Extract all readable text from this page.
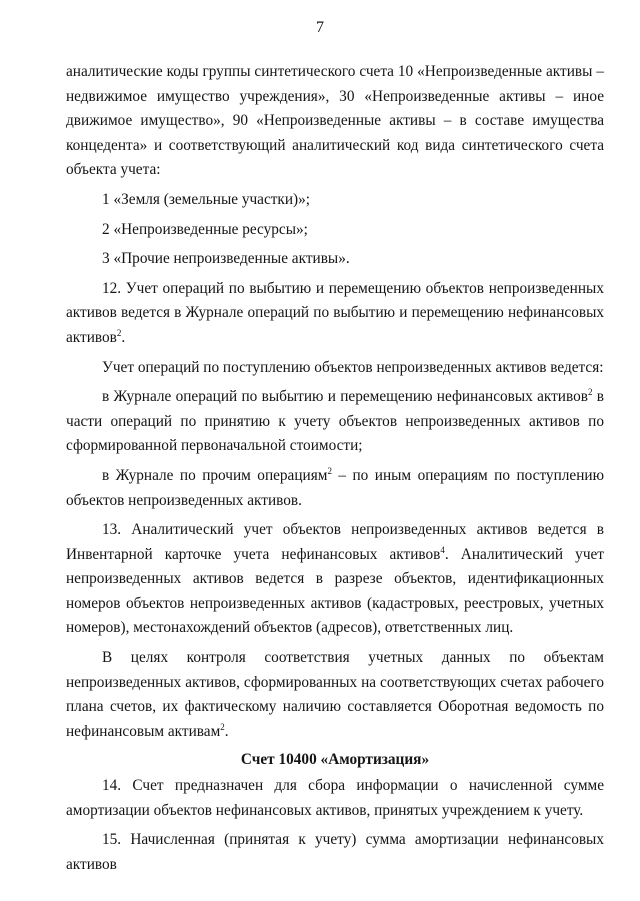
7

аналитические коды группы синтетического счета 10 «Непроизведенные активы – недвижимое имущество учреждения», 30 «Непроизведенные активы – иное движимое имущество», 90 «Непроизведенные активы – в составе имущества концедента» и соответствующий аналитический код вида синтетического счета объекта учета:

1 «Земля (земельные участки)»;

2 «Непроизведенные ресурсы»;

3 «Прочие непроизведенные активы».

12. Учет операций по выбытию и перемещению объектов непроизведенных активов ведется в Журнале операций по выбытию и перемещению нефинансовых активов$^2$.

Учет операций по поступлению объектов непроизведенных активов ведется:

в Журнале операций по выбытию и перемещению нефинансовых активов$^2$ в части операций по принятию к учету объектов непроизведенных активов по сформированной первоначальной стоимости;

в Журнале по прочим операциям$^2$ – по иным операциям по поступлению объектов непроизведенных активов.

13. Аналитический учет объектов непроизведенных активов ведется в Инвентарной карточке учета нефинансовых активов$^4$. Аналитический учет непроизведенных активов ведется в разрезе объектов, идентификационных номеров объектов непроизведенных активов (кадастровых, реестровых, учетных номеров), местонахождений объектов (адресов), ответственных лиц.

В целях контроля соответствия учетных данных по объектам непроизведенных активов, сформированных на соответствующих счетах рабочего плана счетов, их фактическому наличию составляется Оборотная ведомость по нефинансовым активам$^2$.

Счет 10400 «Амортизация»

14. Счет предназначен для сбора информации о начисленной сумме амортизации объектов нефинансовых активов, принятых учреждением к учету.

15. Начисленная (принятая к учету) сумма амортизации нефинансовых активов
